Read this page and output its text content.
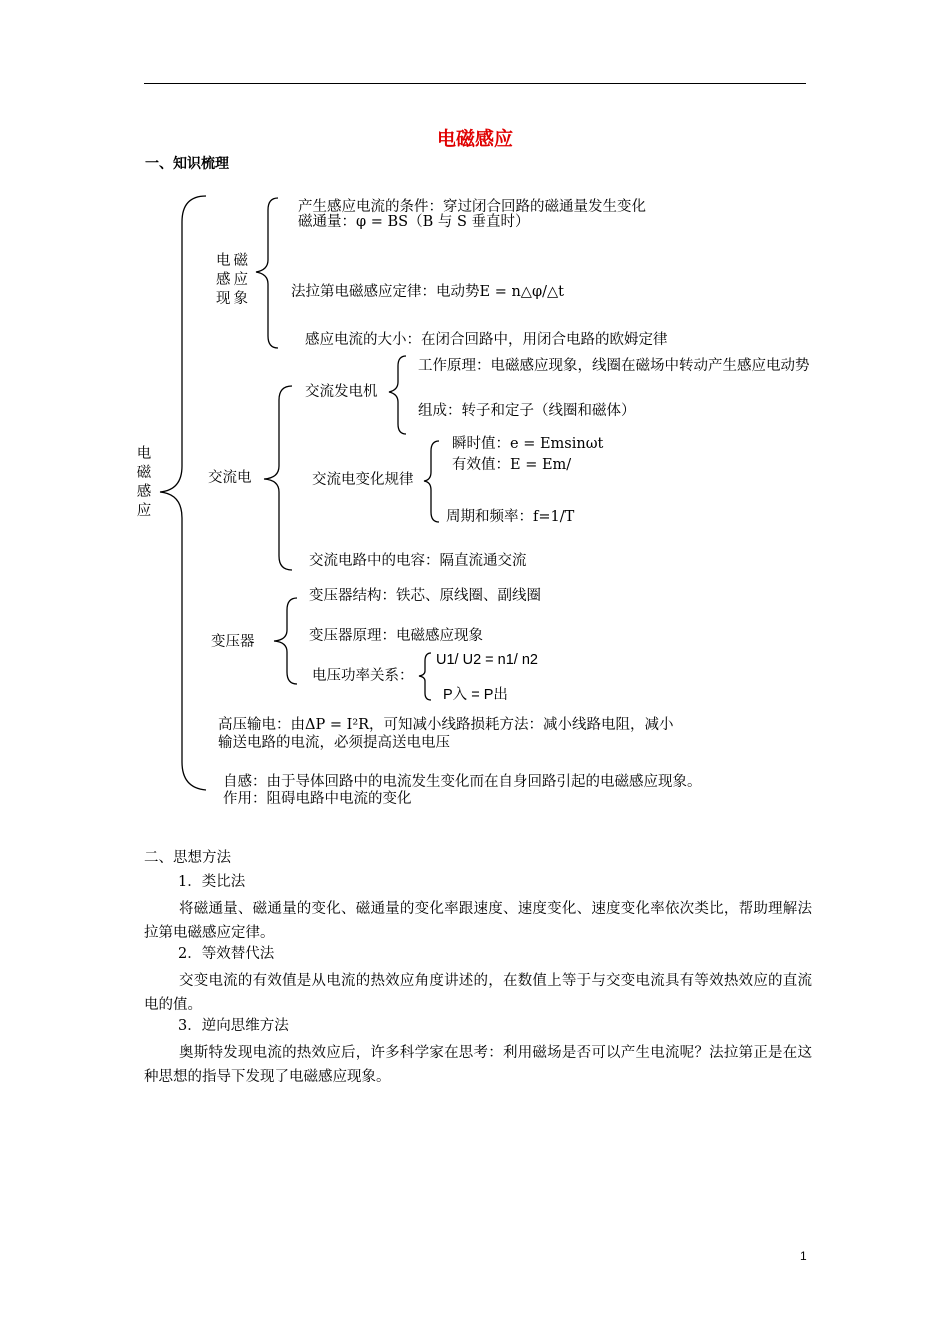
电磁感应
一、知识梳理
电磁感应
电磁感应现象
产生感应电流的条件：穿过闭合回路的磁通量发生变化
磁通量：φ = BS（B 与 S 垂直时）
法拉第电磁感应定律：电动势E = n△φ/△t
感应电流的大小：在闭合回路中，用闭合电路的欧姆定律
交流电
交流发电机
工作原理：电磁感应现象，线圈在磁场中转动产生感应电动势
组成：转子和定子（线圈和磁体）
交流电变化规律
瞬时值：e = Emsinωt
有效值：E = Em/
周期和频率：f=1/T
交流电路中的电容：隔直流通交流
变压器
变压器结构：铁芯、原线圈、副线圈
变压器原理：电磁感应现象
电压功率关系：
U1/ U2 = n1/ n2
P入 = P出
高压输电：由ΔP = I²R，可知减小线路损耗方法：减小线路电阻，减小
输送电路的电流，必须提高送电电压
自感：由于导体回路中的电流发生变化而在自身回路引起的电磁感应现象。
作用：阻碍电路中电流的变化
二、思想方法
1．类比法
将磁通量、磁通量的变化、磁通量的变化率跟速度、速度变化、速度变化率依次类比，帮助理解法拉第电磁感应定律。
2．等效替代法
交变电流的有效值是从电流的热效应角度讲述的，在数值上等于与交变电流具有等效热效应的直流电的值。
3．逆向思维方法
奥斯特发现电流的热效应后，许多科学家在思考：利用磁场是否可以产生电流呢？法拉第正是在这种思想的指导下发现了电磁感应现象。
1
